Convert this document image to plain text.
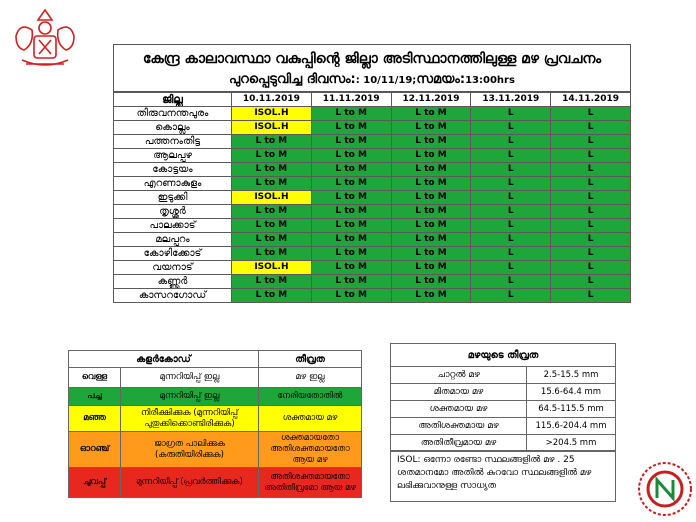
കേന്ദ്ര കാലാവസ്ഥാ വകുപ്പിന്റെ ജില്ലാ അടിസ്ഥാനത്തിലുള്ള മഴ പ്രവചനം
പുറപ്പെടുവിച്ച ദിവസം:: 10/11/19;സമയം:13:00hrs
ജില്ല	10.11.2019	11.11.2019	12.11.2019	13.11.2019	14.11.2019
തിരുവനന്തപുരം	ISOL.H	L to M	L to M	L	L
കൊല്ലം	ISOL.H	L to M	L to M	L	L
പത്തനംതിട്ട	L to M	L to M	L to M	L	L
ആലപ്പുഴ	L to M	L to M	L to M	L	L
കോട്ടയം	L to M	L to M	L to M	L	L
എറണാകുളം	L to M	L to M	L to M	L	L
ഇടുക്കി	ISOL.H	L to M	L to M	L	L
തൃശ്ശൂർ	L to M	L to M	L to M	L	L
പാലക്കാട്	L to M	L to M	L to M	L	L
മലപ്പുറം	L to M	L to M	L to M	L	L
കോഴിക്കോട്	L to M	L to M	L to M	L	L
വയനാട്	ISOL.H	L to M	L to M	L	L
കണ്ണൂർ	L to M	L to M	L to M	L	L
കാസറഗോഡ്	L to M	L to M	L to M	L	L
കളർകോഡ്		തീവ്രത
വെള്ള	മുന്നറിയിപ്പ് ഇല്ല	മഴ ഇല്ല
പച്ച	മുന്നറിയിപ്പ് ഇല്ല	നേരിയതോതിൽ
മഞ്ഞ	നിരീക്ഷിക്കുക (മുന്നറിയിപ്പ് പുതുക്കിക്കൊണ്ടിരിക്കുക)	ശക്തമായ മഴ
ഓറഞ്ച്	ജാഗ്രത പാലിക്കുക (കരുതിയിരിക്കുക)	ശക്തമായതോ അതിശക്തമായതോ ആയ മഴ
ചുവപ്പ്	മുന്നറിയിപ്പ് (പ്രവർത്തിക്കുക)	അതിശക്തമായതോ അതിതീവ്രമോ ആയ മഴ
മഴയുടെ തീവ്രത	
ചാറ്റൽ മഴ	2.5-15.5 mm
മിതമായ മഴ	15.6-64.4 mm
ശക്തമായ മഴ	64.5-115.5 mm
അതിശക്തമായ മഴ	115.6-204.4 mm
അതിതീവ്രമായ മഴ	>204.5 mm
ISOL: ഒന്നോ രണ്ടോ സ്ഥലങ്ങളിൽ മഴ . 25 ശതമാനമോ അതിൽ കുറവോ സ്ഥലങ്ങളിൽ മഴ ലഭിക്കുവാനുള്ള സാധ്യത
